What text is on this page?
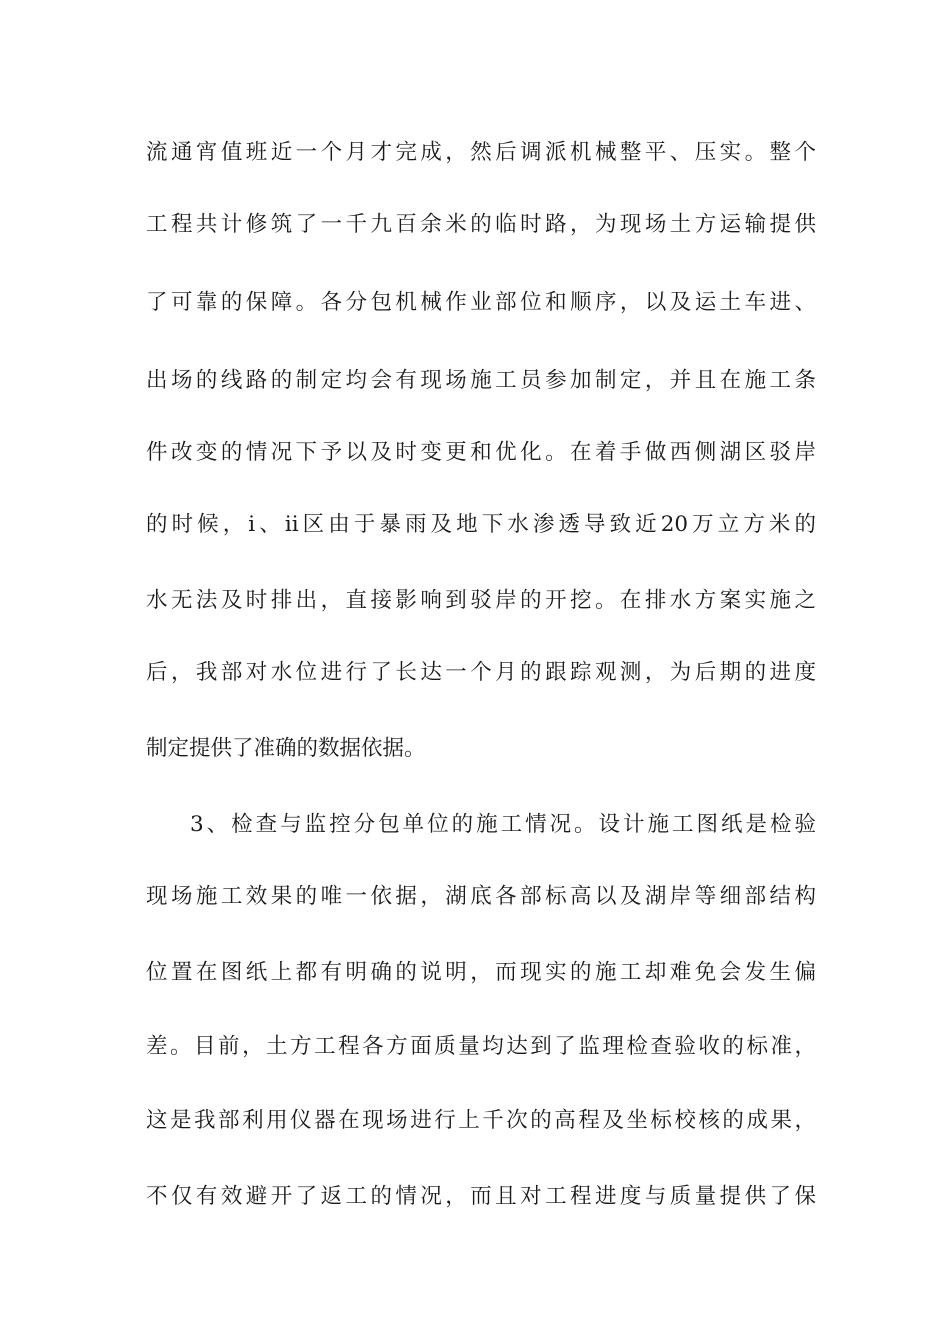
流通宵值班近一个月才完成，然后调派机械整平、压实。整个
工程共计修筑了一千九百余米的临时路，为现场土方运输提供
了可靠的保障。各分包机械作业部位和顺序，以及运土车进、
出场的线路的制定均会有现场施工员参加制定，并且在施工条
件改变的情况下予以及时变更和优化。在着手做西侧湖区驳岸
的时候，ⅰ、ⅱ区由于暴雨及地下水渗透导致近20万立方米的
水无法及时排出，直接影响到驳岸的开挖。在排水方案实施之
后，我部对水位进行了长达一个月的跟踪观测，为后期的进度
制定提供了准确的数据依据。
3、检查与监控分包单位的施工情况。设计施工图纸是检验
现场施工效果的唯一依据，湖底各部标高以及湖岸等细部结构
位置在图纸上都有明确的说明，而现实的施工却难免会发生偏
差。目前，土方工程各方面质量均达到了监理检查验收的标准，
这是我部利用仪器在现场进行上千次的高程及坐标校核的成果，
不仅有效避开了返工的情况，而且对工程进度与质量提供了保
